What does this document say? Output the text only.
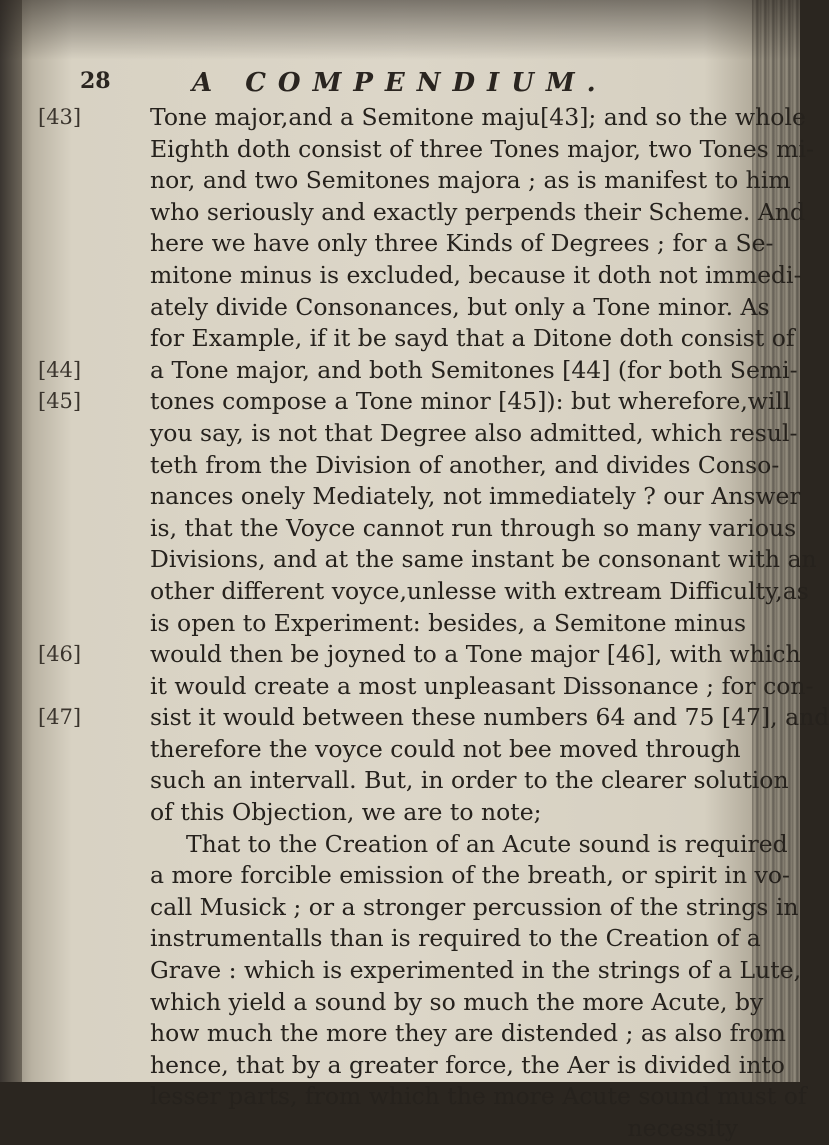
28	A COMPENDIUM.
Tone major,and a Semitone maju[43]; and so the whole
[43]
Eighth doth consist of three Tones major, two Tones mi-
nor, and two Semitones majora ; as is manifest to him
who seriously and exactly perpends their Scheme. And
here we have only three Kinds of Degrees ; for a Se-
mitone minus is excluded, because it doth not immedi-
ately divide Consonances, but only a Tone minor. As
for Example, if it be sayd that a Ditone doth consist of
a Tone major, and both Semitones [44] (for both Semi-
[44]
tones compose a Tone minor [45]): but wherefore,will
[45]
you say, is not that Degree also admitted, which resul-
teth from the Division of another, and divides Conso-
nances onely Mediately, not immediately ? our Answer
is, that the Voyce cannot run through so many various
Divisions, and at the same instant be consonant with an
other different voyce,unlesse with extream Difficulty,as
is open to Experiment: besides, a Semitone minus
would then be joyned to a Tone major [46], with which
[46]
it would create a most unpleasant Dissonance ; for con-
sist it would between these numbers 64 and 75 [47], and
[47]
therefore the voyce could not bee moved through
such an intervall. But, in order to the clearer solution
of this Objection, we are to note;
That to the Creation of an Acute sound is required
a more forcible emission of the breath, or spirit in vo-
call Musick ; or a stronger percussion of the strings in
instrumentalls than is required to the Creation of a
Grave : which is experimented in the strings of a Lute,
which yield a sound by so much the more Acute, by
how much the more they are distended ; as also from
hence, that by a greater force, the Aer is divided into
lesser parts, from which the more Acute sound must of
necessity
